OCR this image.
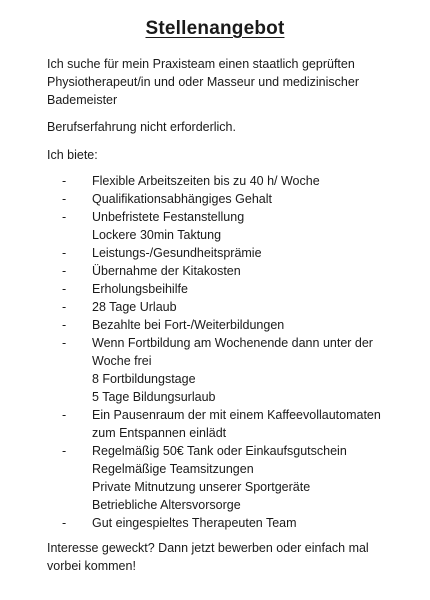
Stellenangebot
Ich suche für mein Praxisteam einen staatlich geprüften
Physiotherapeut/in und oder Masseur und medizinischer
Bademeister
Berufserfahrung nicht erforderlich.
Ich biete:
-	Flexible Arbeitszeiten bis zu 40 h/ Woche
-	Qualifikationsabhängiges Gehalt
-	Unbefristete Festanstellung
Lockere 30min Taktung
-	Leistungs-/Gesundheitsprämie
-	Übernahme der Kitakosten
-	Erholungsbeihilfe
-	28 Tage Urlaub
-	Bezahlte bei Fort-/Weiterbildungen
-	Wenn Fortbildung am Wochenende dann unter der
Woche frei
8 Fortbildungstage
5 Tage Bildungsurlaub
-	Ein Pausenraum der mit einem Kaffeevollautomaten
zum Entspannen einlädt
-	Regelmäßig 50€ Tank oder Einkaufsgutschein
Regelmäßige Teamsitzungen
Private Mitnutzung unserer Sportgeräte
Betriebliche Altersvorsorge
-	Gut eingespieltes Therapeuten Team
Interesse geweckt? Dann jetzt bewerben oder einfach mal
vorbei kommen!
